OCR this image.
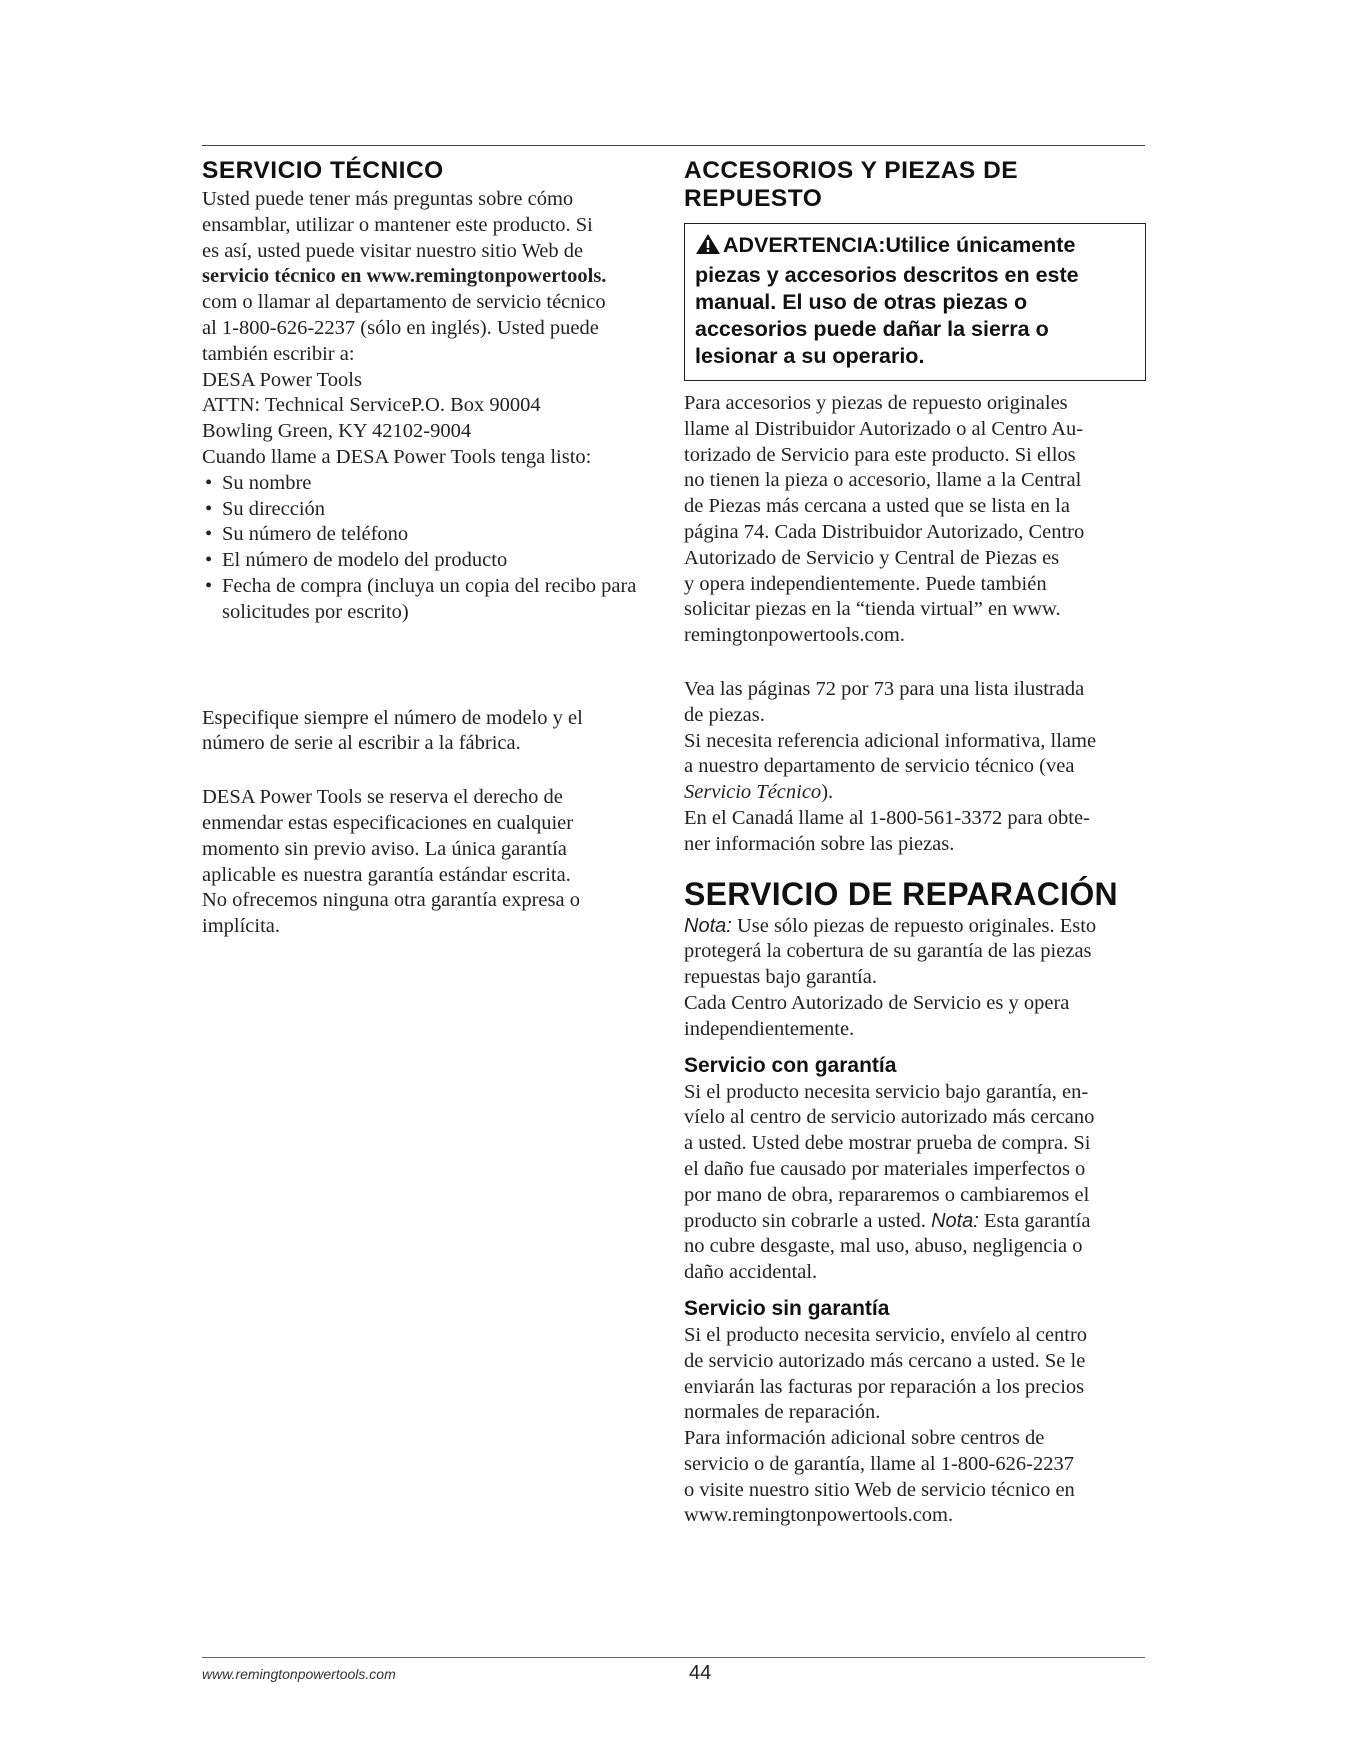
SERVICIO TÉCNICO

Usted puede tener más preguntas sobre cómo
ensamblar, utilizar o mantener este producto. Si
es así, usted puede visitar nuestro sitio Web de
servicio técnico en www.remingtonpowertools.
com o llamar al departamento de servicio técnico
al 1-800-626-2237 (sólo en inglés). Usted puede
también escribir a:

DESA Power Tools
ATTN: Technical ServiceP.O. Box 90004
Bowling Green, KY 42102-9004
Cuando llame a DESA Power Tools tenga listo:
• Su nombre
• Su dirección
• Su número de teléfono
• El número de modelo del producto
• Fecha de compra (incluya un copia del recibo para solicitudes por escrito)

Especifique siempre el número de modelo y el
número de serie al escribir a la fábrica.

DESA Power Tools se reserva el derecho de
enmendar estas especificaciones en cualquier
momento sin previo aviso. La única garantía
aplicable es nuestra garantía estándar escrita.
No ofrecemos ninguna otra garantía expresa o
implícita.

ACCESORIOS Y PIEZAS DE
REPUESTO
ADVERTENCIA:Utilice únicamente piezas y accesorios descritos en este manual. El uso de otras piezas o accesorios puede dañar la sierra o lesionar a su operario.

Para accesorios y piezas de repuesto originales
llame al Distribuidor Autorizado o al Centro Au-
torizado de Servicio para este producto. Si ellos
no tienen la pieza o accesorio, llame a la Central
de Piezas más cercana a usted que se lista en la
página 74. Cada Distribuidor Autorizado, Centro
Autorizado de Servicio y Central de Piezas es
y opera independientemente. Puede también
solicitar piezas en la “tienda virtual” en www.
remingtonpowertools.com.

Vea las páginas 72 por 73 para una lista ilustrada
de piezas.

Si necesita referencia adicional informativa, llame
a nuestro departamento de servicio técnico (vea
Servicio Técnico).

En el Canadá llame al 1-800-561-3372 para obte-
ner información sobre las piezas.

SERVICIO DE REPARACIÓN

Nota: Use sólo piezas de repuesto originales. Esto
protegerá la cobertura de su garantía de las piezas
repuestas bajo garantía.

Cada Centro Autorizado de Servicio es y opera
independientemente.

Servicio con garantía

Si el producto necesita servicio bajo garantía, en-
víelo al centro de servicio autorizado más cercano
a usted. Usted debe mostrar prueba de compra. Si
el daño fue causado por materiales imperfectos o
por mano de obra, repararemos o cambiaremos el
producto sin cobrarle a usted. Nota: Esta garantía
no cubre desgaste, mal uso, abuso, negligencia o
daño accidental.

Servicio sin garantía

Si el producto necesita servicio, envíelo al centro
de servicio autorizado más cercano a usted. Se le
enviarán las facturas por reparación a los precios
normales de reparación.

Para información adicional sobre centros de
servicio o de garantía, llame al 1-800-626-2237
o visite nuestro sitio Web de servicio técnico en
www.remingtonpowertools.com.

www.remingtonpowertools.com	44
